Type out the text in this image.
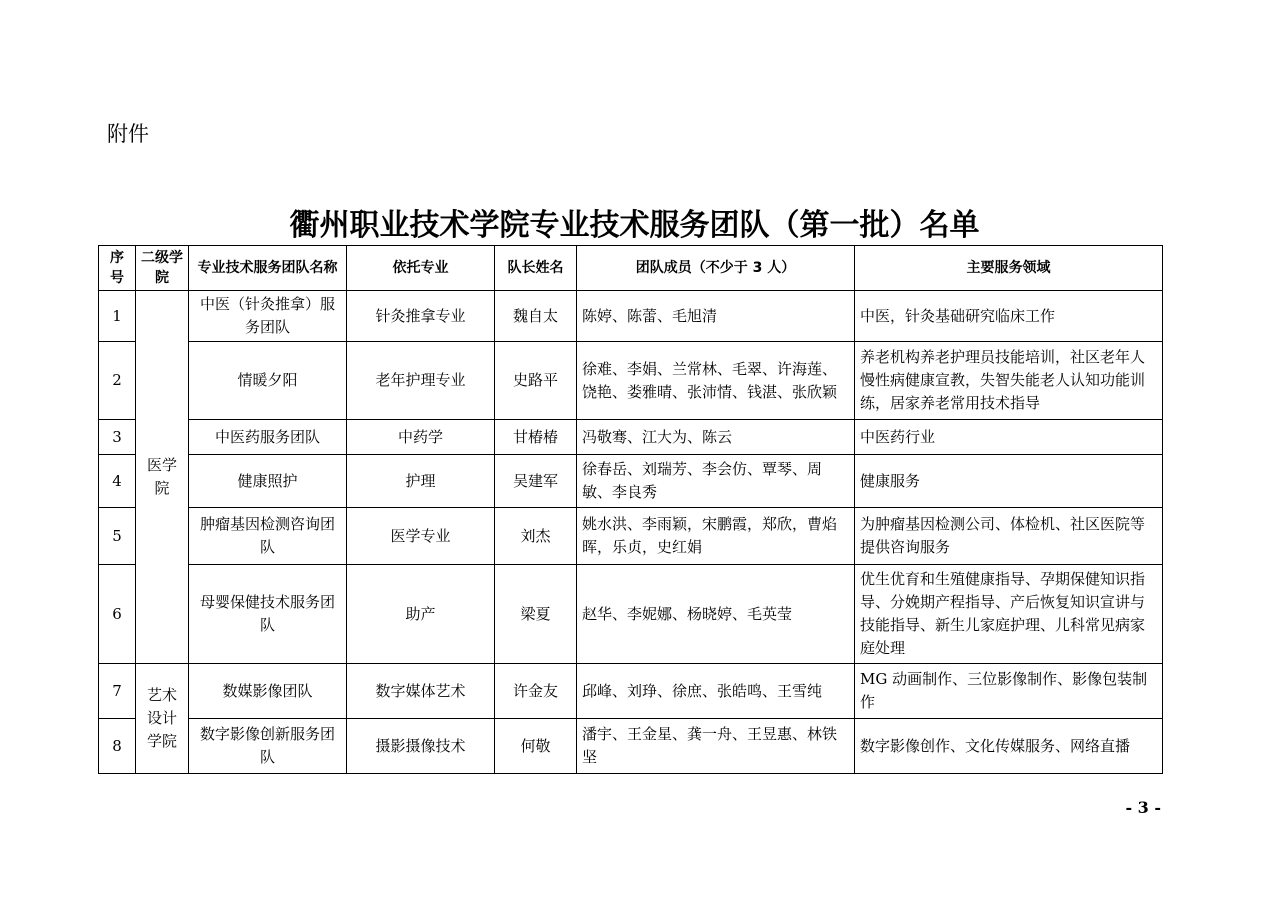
附件
衢州职业技术学院专业技术服务团队（第一批）名单
序号	二级学院	专业技术服务团队名称	依托专业	队长姓名	团队成员（不少于 3 人）	主要服务领域
1	医学院	中医（针灸推拿）服务团队	针灸推拿专业	魏自太	陈婷、陈蕾、毛旭清	中医，针灸基础研究临床工作
2		情暖夕阳	老年护理专业	史路平	徐难、李娟、兰常林、毛翠、许海莲、饶艳、娄雅晴、张沛情、钱湛、张欣颖	养老机构养老护理员技能培训，社区老年人慢性病健康宣教，失智失能老人认知功能训练，居家养老常用技术指导
3		中医药服务团队	中药学	甘椿椿	冯敬骞、江大为、陈云	中医药行业
4		健康照护	护理	吴建军	徐春岳、刘瑞芳、李会仿、覃琴、周敏、李良秀	健康服务
5		肿瘤基因检测咨询团队	医学专业	刘杰	姚水洪、李雨颖，宋鹏霞，郑欣，曹焰晖，乐贞，史红娟	为肿瘤基因检测公司、体检机、社区医院等提供咨询服务
6		母婴保健技术服务团队	助产	梁夏	赵华、李妮娜、杨晓婷、毛英莹	优生优育和生殖健康指导、孕期保健知识指导、分娩期产程指导、产后恢复知识宣讲与技能指导、新生儿家庭护理、儿科常见病家庭处理
7	艺术设计学院	数媒影像团队	数字媒体艺术	许金友	邱峰、刘琤、徐庶、张皓鸣、王雪纯	MG 动画制作、三位影像制作、影像包装制作
8		数字影像创新服务团队	摄影摄像技术	何敬	潘宇、王金星、龚一舟、王昱惠、林铁坚	数字影像创作、文化传媒服务、网络直播
- 3 -
